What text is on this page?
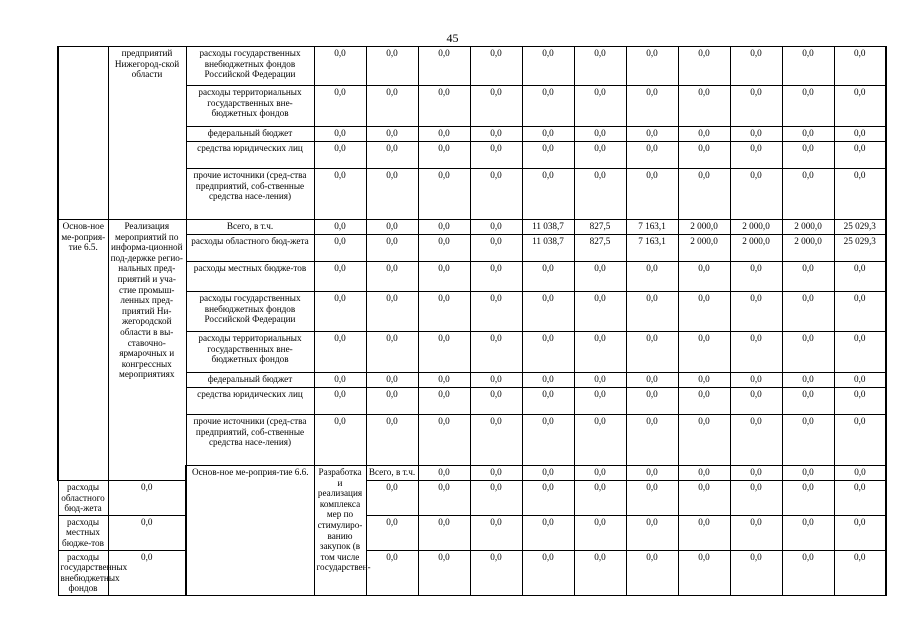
45
	предприятий Нижегород-ской области	расходы государственных внебюджетных фондов Российской Федерации	0,0	0,0	0,0	0,0	0,0	0,0	0,0	0,0	0,0	0,0	0,0	
		расходы территориальных государственных вне-бюджетных фондов	0,0	0,0	0,0	0,0	0,0	0,0	0,0	0,0	0,0	0,0	0,0	
		федеральный бюджет	0,0	0,0	0,0	0,0	0,0	0,0	0,0	0,0	0,0	0,0	0,0	
		средства юридических лиц	0,0	0,0	0,0	0,0	0,0	0,0	0,0	0,0	0,0	0,0	0,0	
		прочие источники (сред-ства предприятий, соб-ственные средства насе-ления)	0,0	0,0	0,0	0,0	0,0	0,0	0,0	0,0	0,0	0,0	0,0	
Основ-ное ме-роприя-тие 6.5.	Реализация мероприятий по информа-ционной под-держке регио-нальных пред-приятий и уча-стие промыш-ленных пред-приятий Ни-жегородской области в вы-ставочно-ярмарочных и конгрессных мероприятиях	Всего, в т.ч.	0,0	0,0	0,0	0,0	11 038,7	827,5	7 163,1	2 000,0	2 000,0	2 000,0	25 029,3	
		расходы областного бюд-жета	0,0	0,0	0,0	0,0	11 038,7	827,5	7 163,1	2 000,0	2 000,0	2 000,0	25 029,3	
		расходы местных бюдже-тов	0,0	0,0	0,0	0,0	0,0	0,0	0,0	0,0	0,0	0,0	0,0	
		расходы государственных внебюджетных фондов Российской Федерации	0,0	0,0	0,0	0,0	0,0	0,0	0,0	0,0	0,0	0,0	0,0	
		расходы территориальных государственных вне-бюджетных фондов	0,0	0,0	0,0	0,0	0,0	0,0	0,0	0,0	0,0	0,0	0,0	
		федеральный бюджет	0,0	0,0	0,0	0,0	0,0	0,0	0,0	0,0	0,0	0,0	0,0	
		средства юридических лиц	0,0	0,0	0,0	0,0	0,0	0,0	0,0	0,0	0,0	0,0	0,0	
		прочие источники (сред-ства предприятий, соб-ственные средства насе-ления)	0,0	0,0	0,0	0,0	0,0	0,0	0,0	0,0	0,0	0,0	0,0	
		Основ-ное ме-роприя-тие 6.6.	Разработка и реализация комплекса мер по стимулиро-ванию закупок (в том числе государствен-	Всего, в т.ч.	0,0	0,0	0,0	0,0	0,0	0,0	0,0	0,0	0,0		
расходы областного бюд-жета	0,0			0,0	0,0	0,0	0,0	0,0	0,0	0,0	0,0	0,0	0,0	
расходы местных бюдже-тов	0,0			0,0	0,0	0,0	0,0	0,0	0,0	0,0	0,0	0,0	0,0	
расходы государственных внебюджетных фондов	0,0			0,0	0,0	0,0	0,0	0,0	0,0	0,0	0,0	0,0	0,0	
